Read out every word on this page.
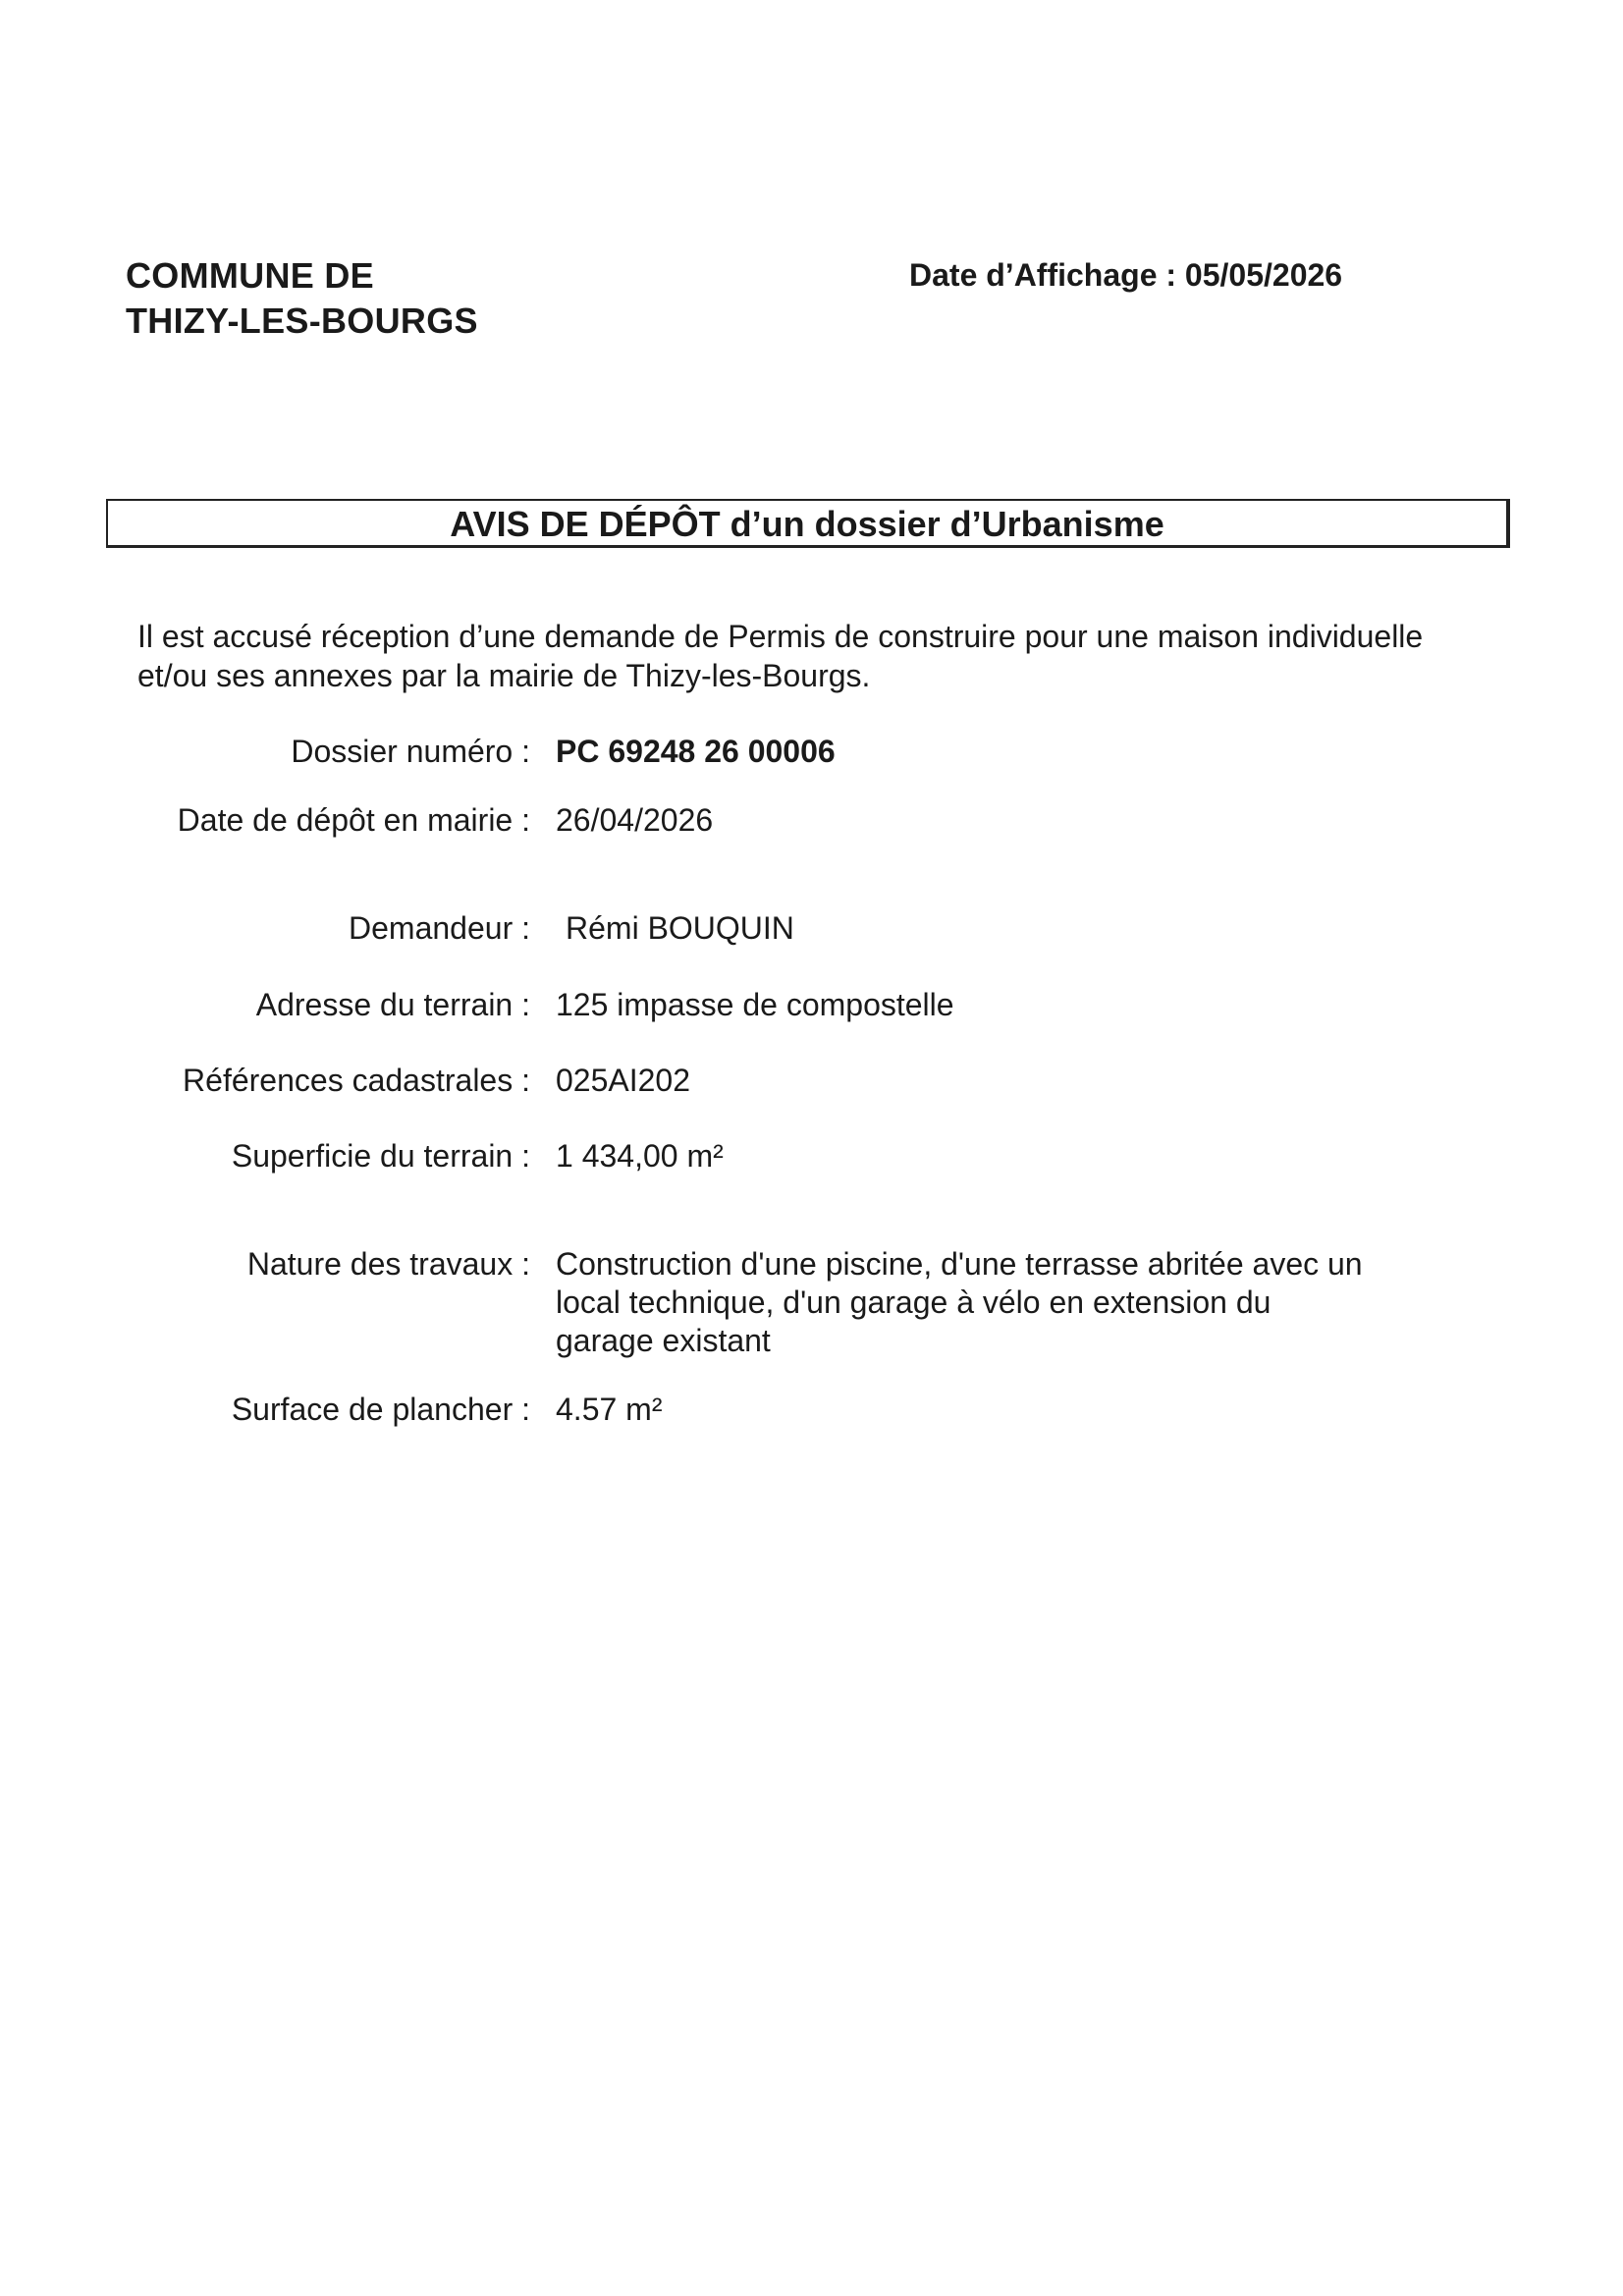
COMMUNE DE
THIZY-LES-BOURGS
Date d’Affichage : 05/05/2026
AVIS DE DÉPÔT d’un dossier d’Urbanisme
Il est accusé réception d’une demande de Permis de construire pour une maison individuelle et/ou ses annexes par la mairie de Thizy-les-Bourgs.
Dossier numéro : PC 69248 26 00006
Date de dépôt en mairie : 26/04/2026
Demandeur : Rémi BOUQUIN
Adresse du terrain : 125 impasse de compostelle
Références cadastrales : 025AI202
Superficie du terrain : 1 434,00 m²
Nature des travaux : Construction d'une piscine, d'une terrasse abritée avec un local technique, d'un garage à vélo en extension du garage existant
Surface de plancher : 4.57 m²
